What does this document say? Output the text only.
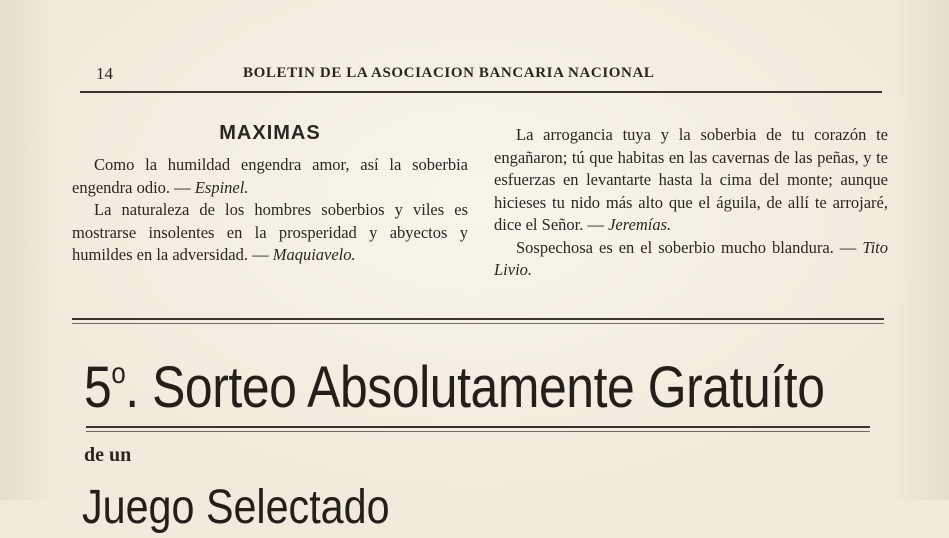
14	BOLETIN DE LA ASOCIACION BANCARIA NACIONAL
MAXIMAS

Como la humildad engendra amor, así la soberbia engendra odio. — Espinel.

La naturaleza de los hombres soberbios y viles es mostrarse insolentes en la prosperidad y abyectos y humildes en la adversidad. — Maquiavelo.

La arrogancia tuya y la soberbia de tu corazón te engañaron; tú que habitas en las cavernas de las peñas, y te esfuerzas en levantarte hasta la cima del monte; aunque hicieses tu nido más alto que el águila, de allí te arrojaré, dice el Señor. — Jeremías.

Sospechosa es en el soberbio mucho blandura. — Tito Livio.

5$^o$. Sorteo Absolutamente Gratuíto
de un
Juego Selectado
